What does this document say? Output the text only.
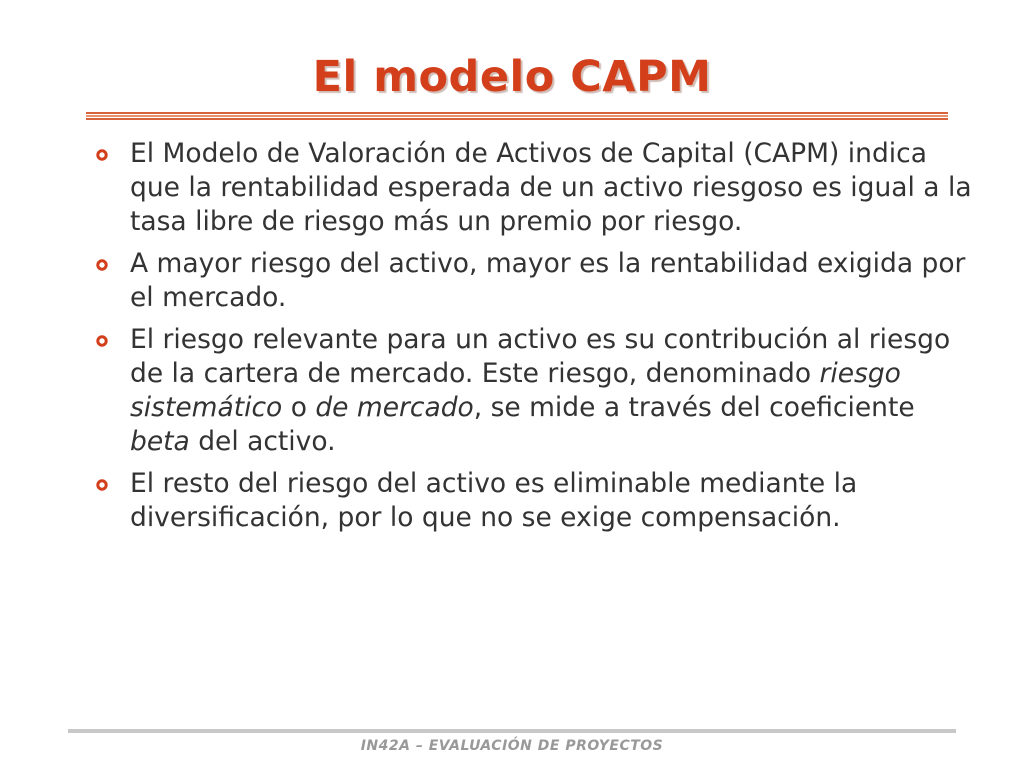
El modelo CAPM
El Modelo de Valoración de Activos de Capital (CAPM) indica que la rentabilidad esperada de un activo riesgoso es igual a la tasa libre de riesgo más un premio por riesgo.
A mayor riesgo del activo, mayor es la rentabilidad exigida por el mercado.
El riesgo relevante para un activo es su contribución al riesgo de la cartera de mercado. Este riesgo, denominado riesgo sistemático o de mercado, se mide a través del coeficiente beta del activo.
El resto del riesgo del activo es eliminable mediante la diversificación, por lo que no se exige compensación.

IN42A – EVALUACIÓN DE PROYECTOS
